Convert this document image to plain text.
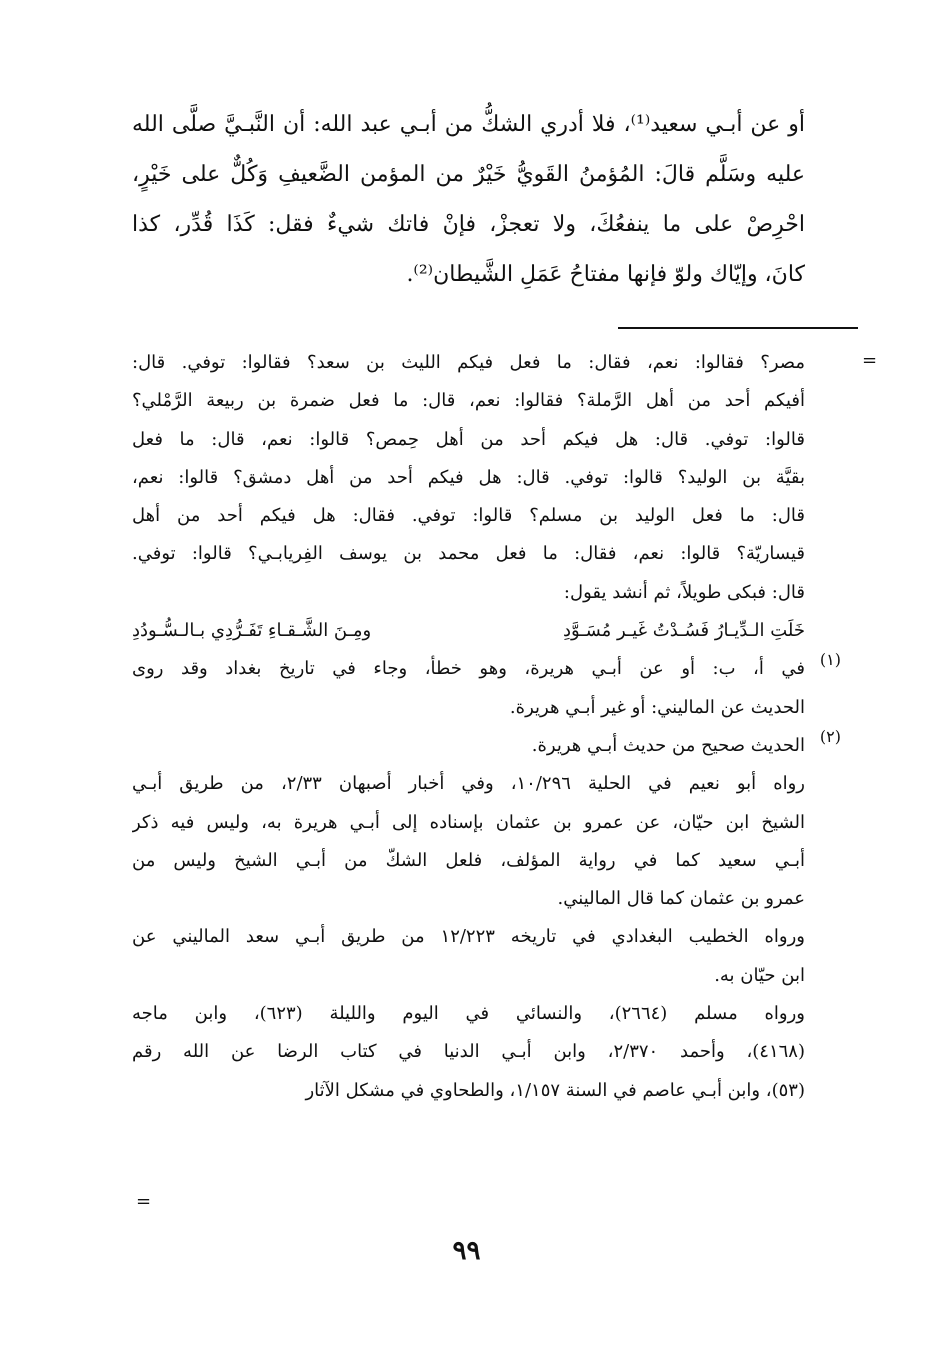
أو عن أبـي سعيد⁽¹⁾، فلا أدري الشكُّ من أبـي عبد الله: أن النَّبـيَّ صلَّى الله

عليه وسَلَّم قالَ: المُؤمنُ القَويُّ خَيْرٌ من المؤمن الضَّعيفِ وَكُلٌّ على خَيْرٍ،

احْرِصْ على ما ينفعُكَ، ولا تعجزْ، فإنْ فاتك شيءٌ فقل: كَذَا قُدِّر، كذا

كانَ، وإيّاك ولوّ فإنها مفتاحُ عَمَلِ الشَّيطان⁽²⁾.

=

مصر؟ فقالوا: نعم، فقال: ما فعل فيكم الليث بن سعد؟ فقالوا: توفي. قال:

أفيكم أحد من أهل الرَّملة؟ فقالوا: نعم، قال: ما فعل ضمرة بن ربيعة الرَّمْلي؟

قالوا: توفي. قال: هل فيكم أحد من أهل حِمص؟ قالوا: نعم، قال: ما فعل

بقيَّة بن الوليد؟ قالوا: توفي. قال: هل فيكم أحد من أهل دمشق؟ قالوا: نعم،

قال: ما فعل الوليد بن مسلم؟ قالوا: توفي. فقال: هل فيكم أحد من أهل

قيساريّة؟ قالوا: نعم، فقال: ما فعل محمد بن يوسف الفِريابـي؟ قالوا: توفي.

قال: فبكى طويلاً، ثم أنشد يقول:

خَلَتِ الـدِّيـارُ فَسُـدْتُ غَيـر مُسَـوَّدِ
ومِـنَ الشَّـقـاءِ تَفَـرُّدِي بـالـسُّـودُدِ
(١)

في أ، ب: أو عن أبـي هريرة، وهو خطأ، وجاء في تاريخ بغداد وقد روى

الحديث عن الماليني: أو غير أبـي هريرة.

(٢)

الحديث صحيح من حديث أبـي هريرة.

رواه أبو نعيم في الحلية ١٠/٢٩٦، وفي أخبار أصبهان ٢/٣٣، من طريق أبـي

الشيخ ابن حيّان، عن عمرو بن عثمان بإسناده إلى أبـي هريرة به، وليس فيه ذكر

أبـي سعيد كما في رواية المؤلف، فلعل الشكّ من أبـي الشيخ وليس من

عمرو بن عثمان كما قال الماليني.

ورواه الخطيب البغدادي في تاريخه ١٢/٢٢٣ من طريق أبـي سعد الماليني عن

ابن حيّان به.

ورواه مسلم (٢٦٦٤)، والنسائي في اليوم والليلة (٦٢٣)، وابن ماجه

(٤١٦٨)، وأحمد ٢/٣٧٠، وابن أبـي الدنيا في كتاب الرضا عن الله رقم

(٥٣)، وابن أبـي عاصم في السنة ١/١٥٧، والطحاوي في مشكل الآثار

=
٩٩
